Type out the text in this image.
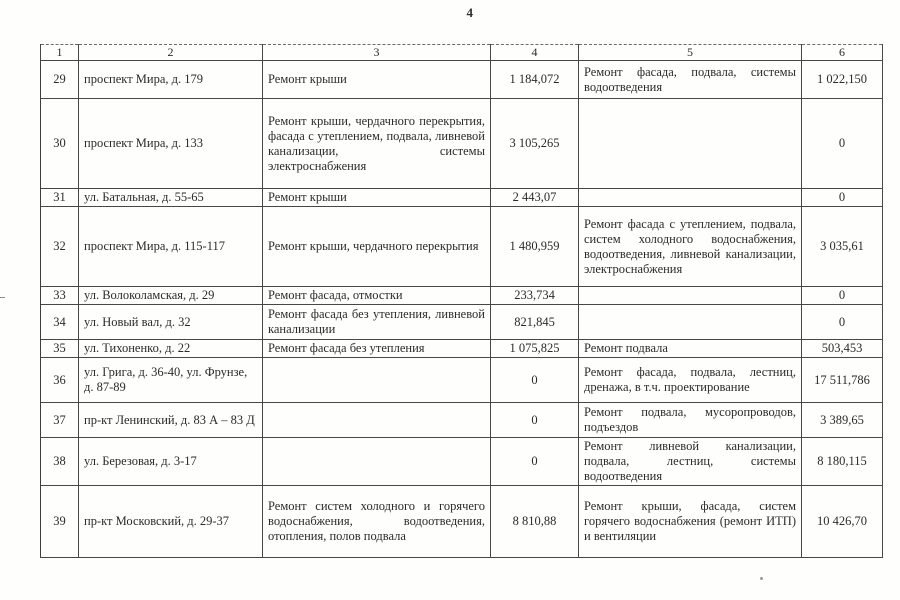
4
1	2	3	4	5	6
29	проспект Мира, д. 179	Ремонт крыши	1 184,072	Ремонт фасада, подвала, системы водоотведения	1 022,150
30	проспект Мира, д. 133	Ремонт крыши, чердачного перекрытия, фасада с утеплением, подвала, ливневой канализации, системы электроснабжения	3 105,265		0
31	ул. Батальная, д. 55-65	Ремонт крыши	2 443,07		0
32	проспект Мира, д. 115-117	Ремонт крыши, чердачного перекрытия	1 480,959	Ремонт фасада с утеплением, подвала, систем холодного водоснабжения, водоотведения, ливневой канализации, электроснабжения	3 035,61
33	ул. Волоколамская, д. 29	Ремонт фасада, отмостки	233,734		0
34	ул. Новый вал, д. 32	Ремонт фасада без утепления, ливневой канализации	821,845		0
35	ул. Тихоненко, д. 22	Ремонт фасада без утепления	1 075,825	Ремонт подвала	503,453
36	ул. Грига, д. 36-40, ул. Фрунзе, д. 87-89		0	Ремонт фасада, подвала, лестниц, дренажа, в т.ч. проектирование	17 511,786
37	пр-кт Ленинский, д. 83 А – 83 Д		0	Ремонт подвала, мусоропроводов, подъездов	3 389,65
38	ул. Березовая, д. 3-17		0	Ремонт ливневой канализации, подвала, лестниц, системы водоотведения	8 180,115
39	пр-кт Московский, д. 29-37	Ремонт систем холодного и горячего водоснабжения, водоотведения, отопления, полов подвала	8 810,88	Ремонт крыши, фасада, систем горячего водоснабжения (ремонт ИТП) и вентиляции	10 426,70
